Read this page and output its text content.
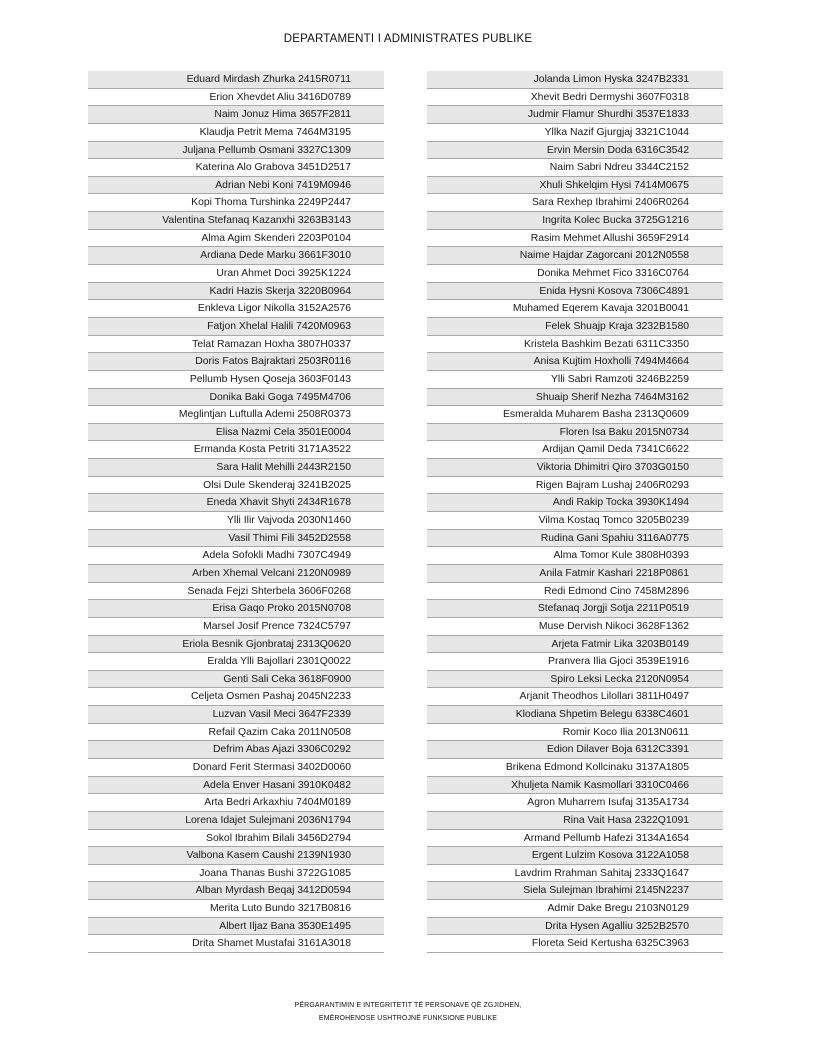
DEPARTAMENTI I ADMINISTRATES PUBLIKE
Eduard Mirdash Zhurka 2415R0711
Erion Xhevdet Aliu 3416D0789
Naim Jonuz Hima 3657F2811
Klaudja Petrit Mema 7464M3195
Juljana Pellumb Osmani 3327C1309
Katerina Alo Grabova 3451D2517
Adrian Nebi Koni 7419M0946
Kopi Thoma Turshinka 2249P2447
Valentina Stefanaq Kazanxhi 3263B3143
Alma Agim Skenderi 2203P0104
Ardiana Dede Marku 3661F3010
Uran Ahmet Doci 3925K1224
Kadri Hazis Skerja 3220B0964
Enkleva Ligor Nikolla 3152A2576
Fatjon Xhelal Halili 7420M0963
Telat Ramazan Hoxha 3807H0337
Doris Fatos Bajraktari 2503R0116
Pellumb Hysen Qoseja 3603F0143
Donika Baki Goga 7495M4706
Meglintjan Luftulla Ademi 2508R0373
Elisa Nazmi Cela 3501E0004
Ermanda Kosta Petriti 3171A3522
Sara Halit Mehilli 2443R2150
Olsi Dule Skenderaj 3241B2025
Eneda Xhavit Shyti 2434R1678
Ylli Ilir Vajvoda 2030N1460
Vasil Thimi Fili 3452D2558
Adela Sofokli Madhi 7307C4949
Arben Xhemal Velcani 2120N0989
Senada Fejzi Shterbela 3606F0268
Erisa Gaqo Proko 2015N0708
Marsel Josif Prence 7324C5797
Eriola Besnik Gjonbrataj 2313Q0620
Eralda Ylli Bajollari 2301Q0022
Genti Sali Ceka 3618F0900
Celjeta Osmen Pashaj 2045N2233
Luzvan Vasil Meci 3647F2339
Refail Qazim Caka 2011N0508
Defrim Abas Ajazi 3306C0292
Donard Ferit Stermasi 3402D0060
Adela Enver Hasani 3910K0482
Arta Bedri Arkaxhiu 7404M0189
Lorena Idajet Sulejmani 2036N1794
Sokol Ibrahim Bilali 3456D2794
Valbona Kasem Caushi 2139N1930
Joana Thanas Bushi 3722G1085
Alban Myrdash Beqaj 3412D0594
Merita Luto Bundo 3217B0816
Albert Iljaz Bana 3530E1495
Drita Shamet Mustafai 3161A3018
Jolanda Limon Hyska 3247B2331
Xhevit Bedri Dermyshi 3607F0318
Judmir Flamur Shurdhi 3537E1833
Yllka Nazif Gjurgjaj 3321C1044
Ervin Mersin Doda 6316C3542
Naim Sabri Ndreu 3344C2152
Xhuli Shkelqim Hysi 7414M0675
Sara Rexhep Ibrahimi 2406R0264
Ingrita Kolec Bucka 3725G1216
Rasim Mehmet Allushi 3659F2914
Naime Hajdar Zagorcani 2012N0558
Donika Mehmet Fico 3316C0764
Enida Hysni Kosova 7306C4891
Muhamed Eqerem Kavaja 3201B0041
Felek Shuajp Kraja 3232B1580
Kristela Bashkim Bezati 6311C3350
Anisa Kujtim Hoxholli 7494M4664
Ylli Sabri Ramzoti 3246B2259
Shuaip Sherif Nezha 7464M3162
Esmeralda Muharem Basha 2313Q0609
Floren Isa Baku 2015N0734
Ardijan Qamil Deda 7341C6622
Viktoria Dhimitri Qiro 3703G0150
Rigen Bajram Lushaj 2406R0293
Andi Rakip Tocka 3930K1494
Vilma Kostaq Tomco 3205B0239
Rudina Gani Spahiu 3116A0775
Alma Tomor Kule 3808H0393
Anila Fatmir Kashari 2218P0861
Redi Edmond Cino 7458M2896
Stefanaq Jorgji Sotja 2211P0519
Muse Dervish Nikoci 3628F1362
Arjeta Fatmir Lika 3203B0149
Pranvera Ilia Gjoci 3539E1916
Spiro Leksi Lecka 2120N0954
Arjanit Theodhos Lilollari 3811H0497
Klodiana Shpetim Belegu 6338C4601
Romir Koco Ilia 2013N0611
Edion Dilaver Boja 6312C3391
Brikena Edmond Kollcinaku 3137A1805
Xhuljeta Namik Kasmollari 3310C0466
Agron Muharrem Isufaj 3135A1734
Rina Vait Hasa 2322Q1091
Armand Pellumb Hafezi 3134A1654
Ergent Lulzim Kosova 3122A1058
Lavdrim Rrahman Sahitaj 2333Q1647
Siela Sulejman Ibrahimi 2145N2237
Admir Dake Bregu 2103N0129
Drita Hysen Agalliu 3252B2570
Floreta Seid Kertusha 6325C3963
PËRGARANTIMIN E INTEGRITETIT TË PERSONAVE QË ZGJIDHEN,
EMËROHENOSE USHTROJNË FUNKSIONE PUBLIKE
